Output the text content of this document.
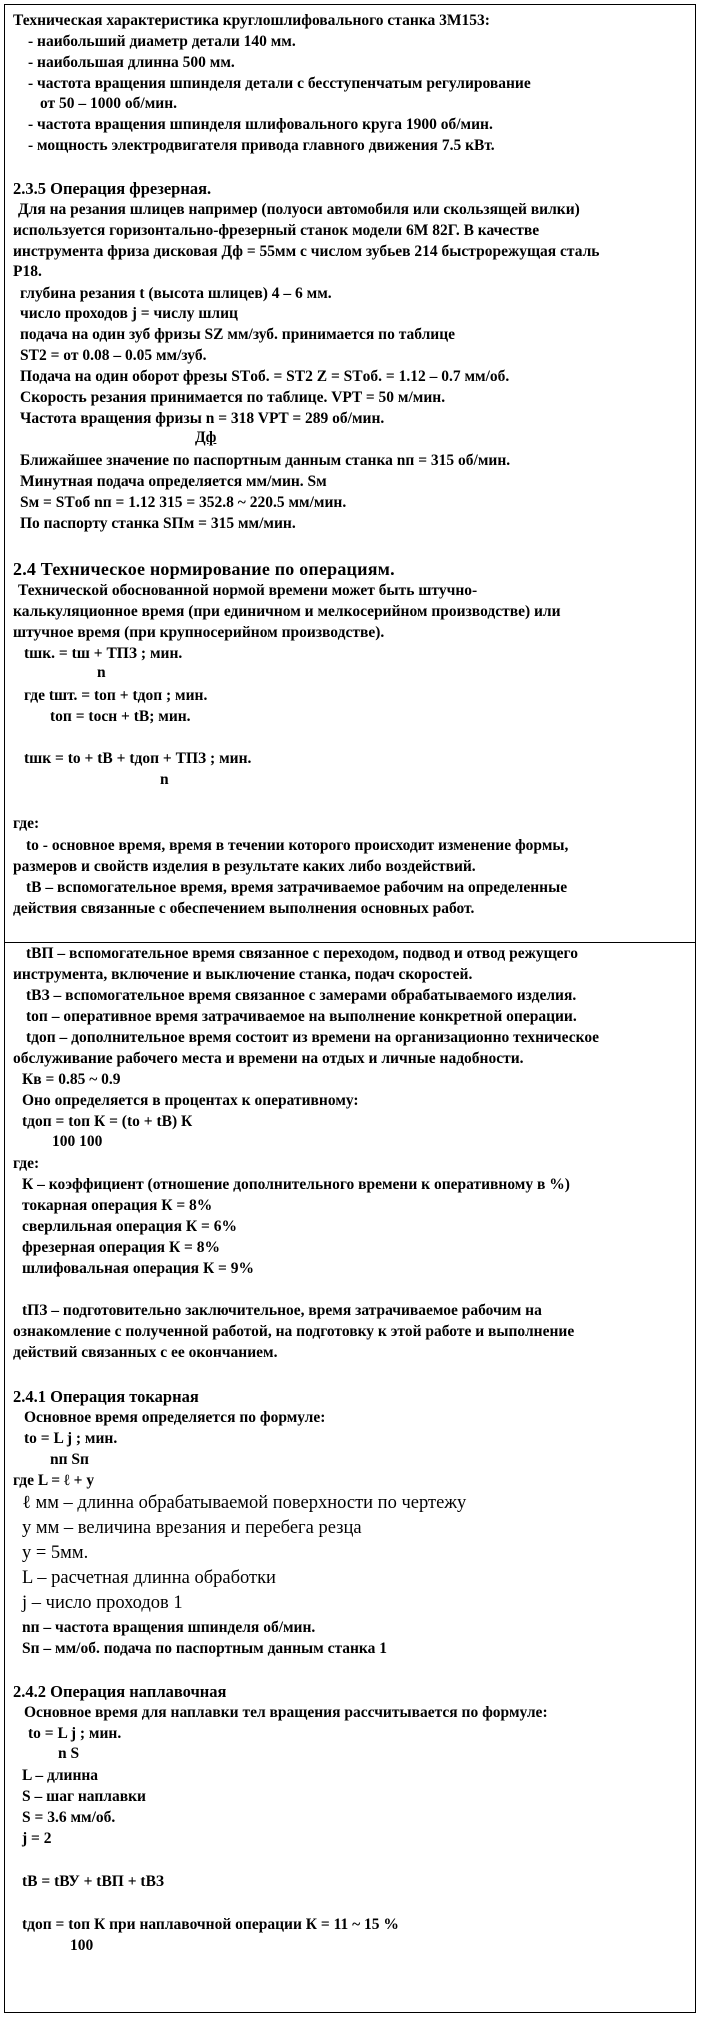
Техническая характеристика круглошлифовального станка 3М153:
- наибольший диаметр детали 140 мм.
- наибольшая длинна 500 мм.
- частота вращения шпинделя детали с бесступенчатым регулирование
от 50 – 1000 об/мин.
- частота вращения шпинделя шлифовального круга 1900 об/мин.
- мощность электродвигателя привода главного движения 7.5 кВт.
2.3.5 Операция фрезерная.
Для на резания шлицев например (полуоси автомобиля или скользящей вилки)
используется горизонтально-фрезерный станок модели 6М 82Г. В качестве
инструмента фриза дисковая Дф = 55мм с числом зубьев 214 быстрорежущая сталь
Р18.
глубина резания t (высота шлицев) 4 – 6 мм.
число проходов j = числу шлиц
подача на один зуб фризы SZ мм/зуб. принимается по таблице
ST2 = от 0.08 – 0.05 мм/зуб.
Подача на один оборот фрезы STоб. = ST2 Z = STоб. = 1.12 – 0.7 мм/об.
Скорость резания принимается по таблице. VPT = 50 м/мин.
Частота вращения фризы n = 318 VPT = 289 об/мин.
Дф
Ближайшее значение по паспортным данным станка nп = 315 об/мин.
Минутная подача определяется мм/мин. Sм
Sм = STоб nп = 1.12 315 = 352.8 ~ 220.5 мм/мин.
По паспорту станка SПм = 315 мм/мин.
2.4 Техническое нормирование по операциям.
Технической обоснованной нормой времени может быть штучно-
калькуляционное время (при единичном и мелкосерийном производстве) или
штучное время (при крупносерийном производстве).
tшк. = tш + TПЗ ; мин.
n
где tшт. = tоп + tдоп ; мин.
tоп = tосн + tВ; мин.
tшк = tо + tВ + tдоп + TПЗ ; мин.
n
где:
tо - основное время, время в течении которого происходит изменение формы,
размеров и свойств изделия в результате каких либо воздействий.
tВ – вспомогательное время, время затрачиваемое рабочим на определенные
действия связанные с обеспечением выполнения основных работ.
tВП – вспомогательное время связанное с переходом, подвод и отвод режущего
инструмента, включение и выключение станка, подач скоростей.
tВЗ – вспомогательное время связанное с замерами обрабатываемого изделия.
tоп – оперативное время затрачиваемое на выполнение конкретной операции.
tдоп – дополнительное время состоит из времени на организационно техническое
обслуживание рабочего места и времени на отдых и личные надобности.
Кв = 0.85 ~ 0.9
Оно определяется в процентах к оперативному:
tдоп = tоп К = (tо + tВ) К
100 100
где:
К – коэффициент (отношение дополнительного времени к оперативному в %)
токарная операция К = 8%
сверлильная операция К = 6%
фрезерная операция К = 8%
шлифовальная операция К = 9%
tПЗ – подготовительно заключительное, время затрачиваемое рабочим на
ознакомление с полученной работой, на подготовку к этой работе и выполнение
действий связанных с ее окончанием.
2.4.1 Операция токарная
Основное время определяется по формуле:
tо = L j ; мин.
nп Sп
где L = ℓ + y
ℓ мм – длинна обрабатываемой поверхности по чертежу
y мм – величина врезания и перебега резца
y = 5мм.
L – расчетная длинна обработки
j – число проходов 1
nп – частота вращения шпинделя об/мин.
Sп – мм/об. подача по паспортным данным станка 1
2.4.2 Операция наплавочная
Основное время для наплавки тел вращения рассчитывается по формуле:
tо = L j ; мин.
n S
L – длинна
S – шаг наплавки
S = 3.6 мм/об.
j = 2
tВ = tВУ + tВП + tВЗ
tдоп = tоп К при наплавочной операции К = 11 ~ 15 %
100
